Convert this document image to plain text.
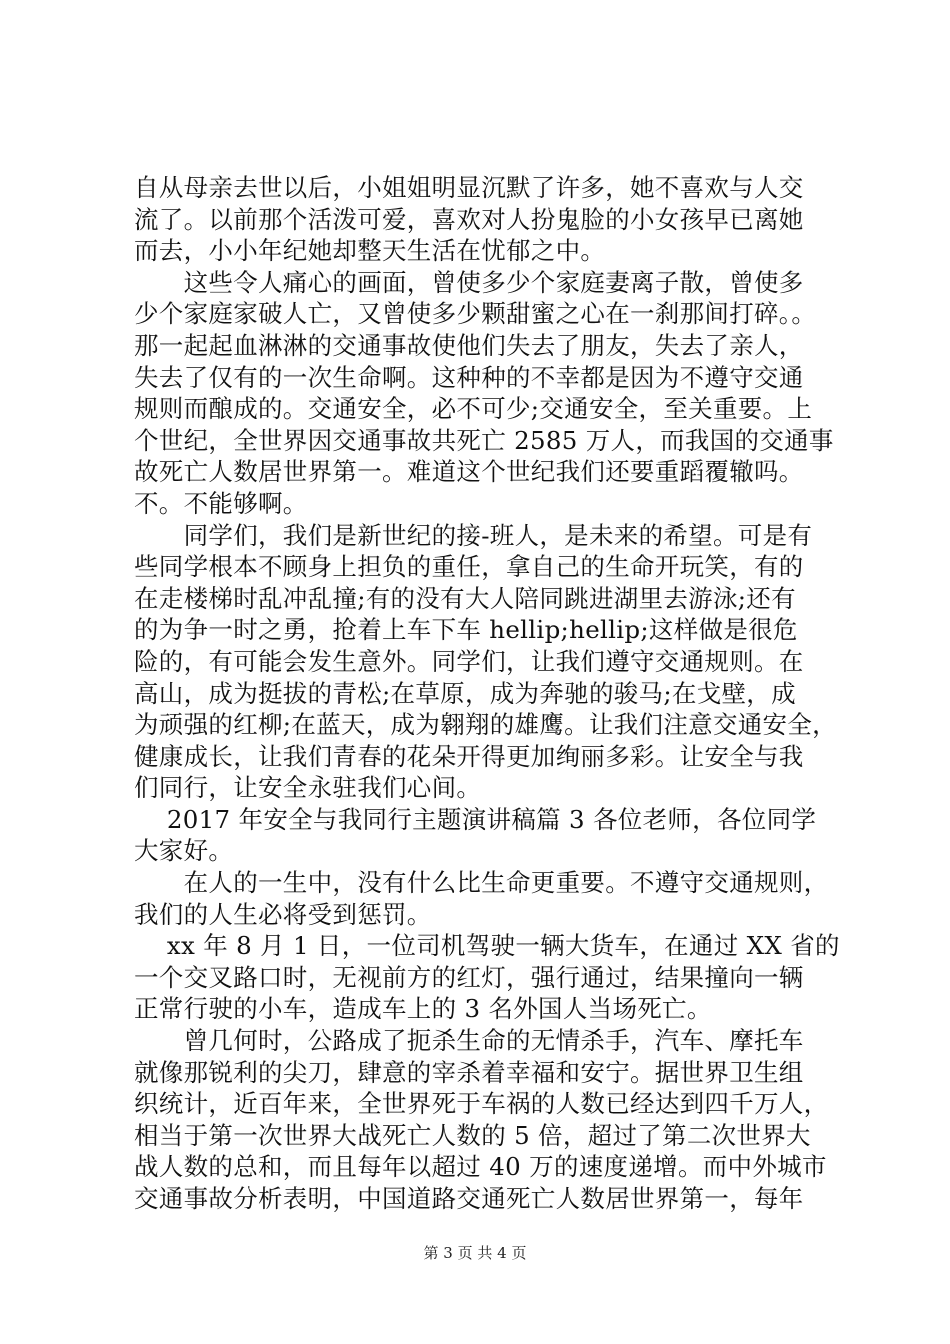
自从母亲去世以后，小姐姐明显沉默了许多，她不喜欢与人交
流了。以前那个活泼可爱，喜欢对人扮鬼脸的小女孩早已离她
而去，小小年纪她却整天生活在忧郁之中。
　　这些令人痛心的画面，曾使多少个家庭妻离子散，曾使多
少个家庭家破人亡，又曾使多少颗甜蜜之心在一刹那间打碎。。
那一起起血淋淋的交通事故使他们失去了朋友，失去了亲人，
失去了仅有的一次生命啊。这种种的不幸都是因为不遵守交通
规则而酿成的。交通安全，必不可少;交通安全，至关重要。上
个世纪，全世界因交通事故共死亡 2585 万人，而我国的交通事
故死亡人数居世界第一。难道这个世纪我们还要重蹈覆辙吗。
不。不能够啊。
　　同学们，我们是新世纪的接-班人，是未来的希望。可是有
些同学根本不顾身上担负的重任，拿自己的生命开玩笑，有的
在走楼梯时乱冲乱撞;有的没有大人陪同跳进湖里去游泳;还有
的为争一时之勇，抢着上车下车 hellip;hellip;这样做是很危
险的，有可能会发生意外。同学们，让我们遵守交通规则。在
高山，成为挺拔的青松;在草原，成为奔驰的骏马;在戈壁，成
为顽强的红柳;在蓝天，成为翱翔的雄鹰。让我们注意交通安全，
健康成长，让我们青春的花朵开得更加绚丽多彩。让安全与我
们同行，让安全永驻我们心间。
　 2017 年安全与我同行主题演讲稿篇 3 各位老师，各位同学
大家好。
　　在人的一生中，没有什么比生命更重要。不遵守交通规则，
我们的人生必将受到惩罚。
　 xx 年 8 月 1 日，一位司机驾驶一辆大货车，在通过 XX 省的
一个交叉路口时，无视前方的红灯，强行通过，结果撞向一辆
正常行驶的小车，造成车上的 3 名外国人当场死亡。
　　曾几何时，公路成了扼杀生命的无情杀手，汽车、摩托车
就像那锐利的尖刀，肆意的宰杀着幸福和安宁。据世界卫生组
织统计，近百年来，全世界死于车祸的人数已经达到四千万人，
相当于第一次世界大战死亡人数的 5 倍，超过了第二次世界大
战人数的总和，而且每年以超过 40 万的速度递增。而中外城市
交通事故分析表明，中国道路交通死亡人数居世界第一，每年
第 3 页 共 4 页
